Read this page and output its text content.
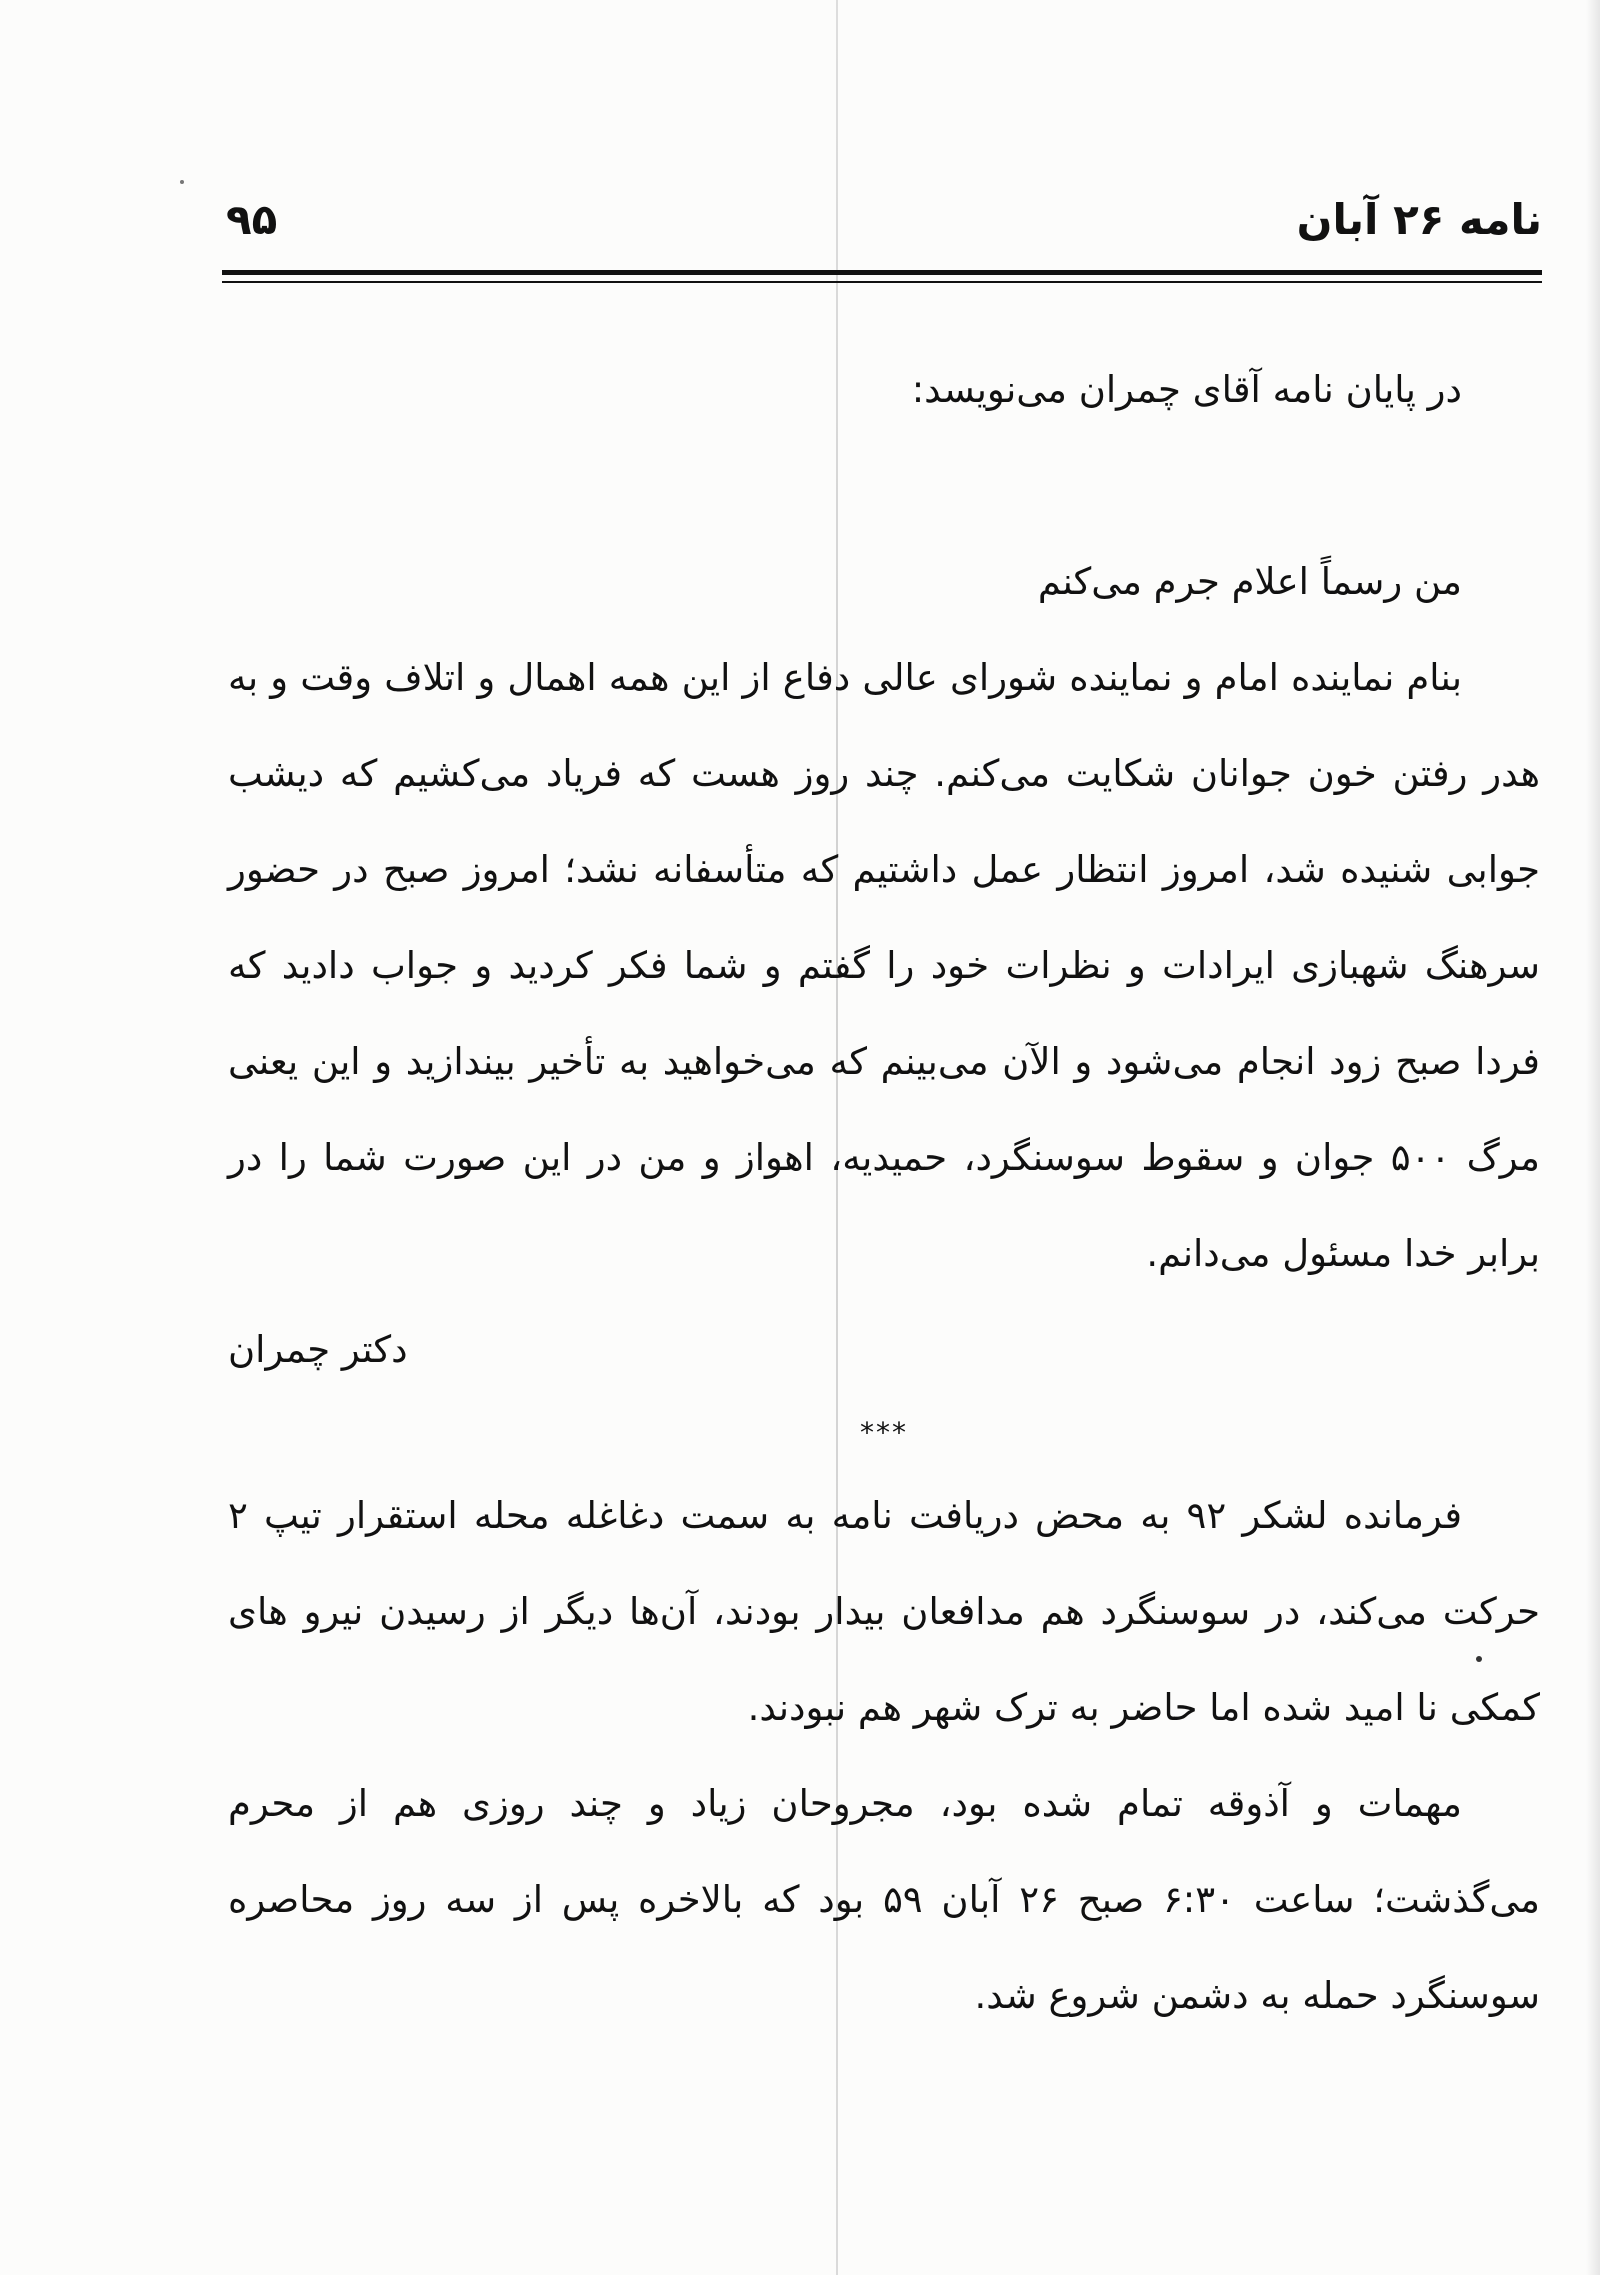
نامه ۲۶ آبان
۹۵

در پایان نامه آقای چمران می‌نویسد:

من رسماً اعلام جرم می‌کنم

بنام نماینده امام و نماینده شورای عالی دفاع از این همه اهمال و اتلاف وقت و به هدر رفتن خون جوانان شکایت می‌کنم. چند روز هست که فریاد می‌کشیم که دیشب جوابی شنیده شد، امروز انتظار عمل داشتیم که متأسفانه نشد؛ امروز صبح در حضور سرهنگ شهبازی ایرادات و نظرات خود را گفتم و شما فکر کردید و جواب دادید که فردا صبح زود انجام می‌شود و الآن می‌بینم که می‌خواهید به تأخیر بیندازید و این یعنی مرگ ۵۰۰ جوان و سقوط سوسنگرد، حمیدیه، اهواز و من در این صورت شما را در برابر خدا مسئول می‌دانم.

دکتر چمران

***

فرمانده لشکر ۹۲ به محض دریافت نامه به سمت دغاغله محله استقرار تیپ ۲ حرکت می‌کند، در سوسنگرد هم مدافعان بیدار بودند، آن‌ها دیگر از رسیدن نیرو های کمکی نا امید شده اما حاضر به ترک شهر هم نبودند.

مهمات و آذوقه تمام شده بود، مجروحان زیاد و چند روزی هم از محرم می‌گذشت؛ ساعت ۶:۳۰ صبح ۲۶ آبان ۵۹ بود که بالاخره پس از سه روز محاصره سوسنگرد حمله به دشمن شروع شد.
